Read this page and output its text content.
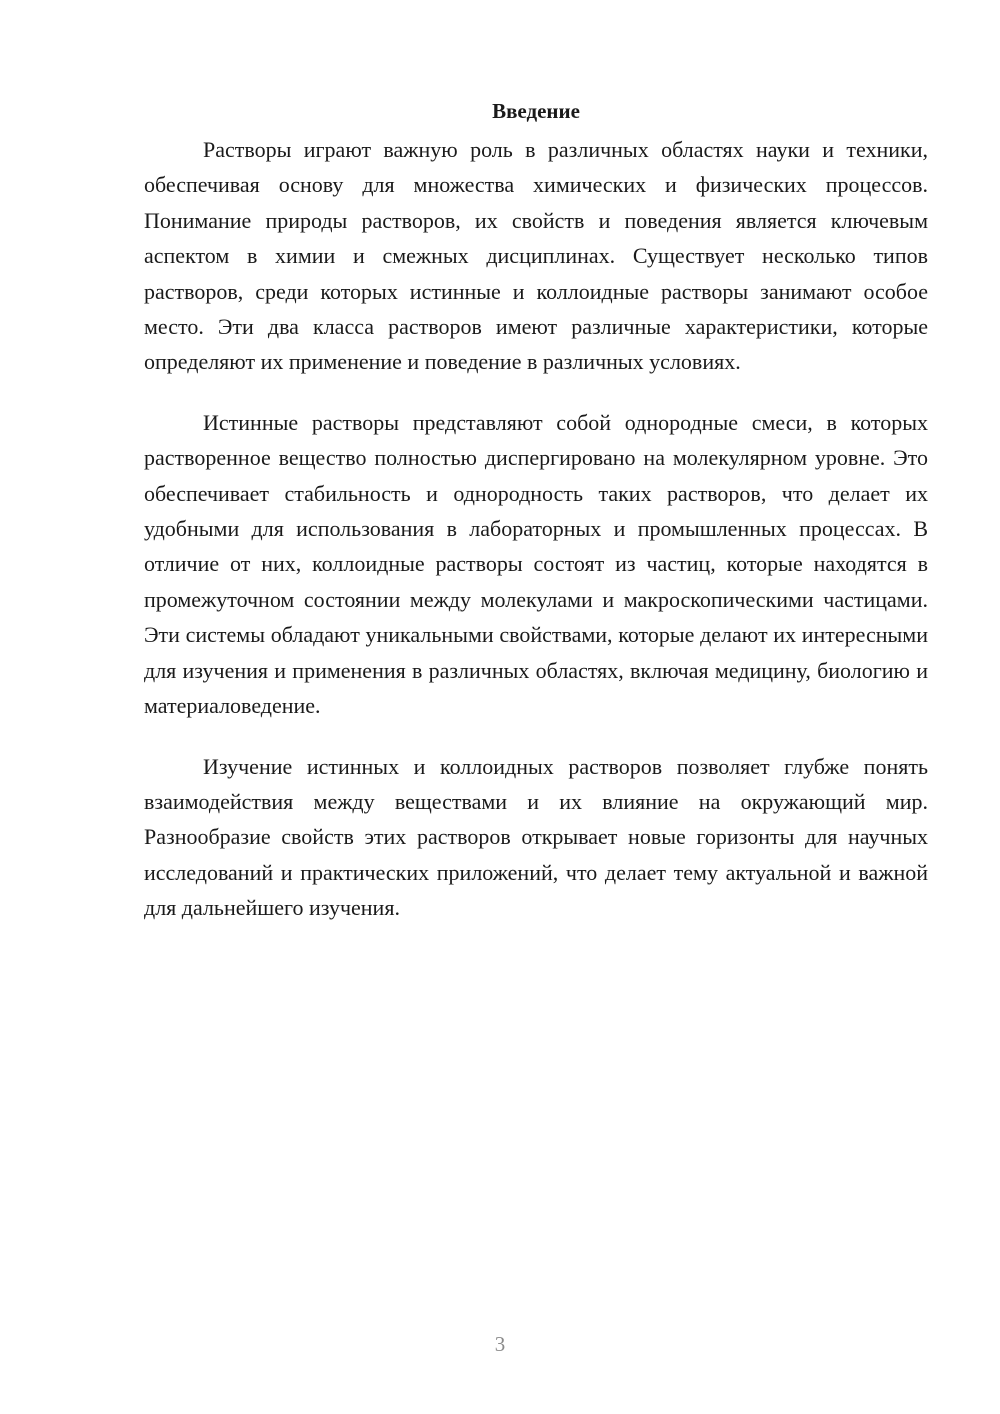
Введение

Растворы играют важную роль в различных областях науки и техники, обеспечивая основу для множества химических и физических процессов. Понимание природы растворов, их свойств и поведения является ключевым аспектом в химии и смежных дисциплинах. Существует несколько типов растворов, среди которых истинные и коллоидные растворы занимают особое место. Эти два класса растворов имеют различные характеристики, которые определяют их применение и поведение в различных условиях.

Истинные растворы представляют собой однородные смеси, в которых растворенное вещество полностью диспергировано на молекулярном уровне. Это обеспечивает стабильность и однородность таких растворов, что делает их удобными для использования в лабораторных и промышленных процессах. В отличие от них, коллоидные растворы состоят из частиц, которые находятся в промежуточном состоянии между молекулами и макроскопическими частицами. Эти системы обладают уникальными свойствами, которые делают их интересными для изучения и применения в различных областях, включая медицину, биологию и материаловедение.

Изучение истинных и коллоидных растворов позволяет глубже понять взаимодействия между веществами и их влияние на окружающий мир. Разнообразие свойств этих растворов открывает новые горизонты для научных исследований и практических приложений, что делает тему актуальной и важной для дальнейшего изучения.

3
